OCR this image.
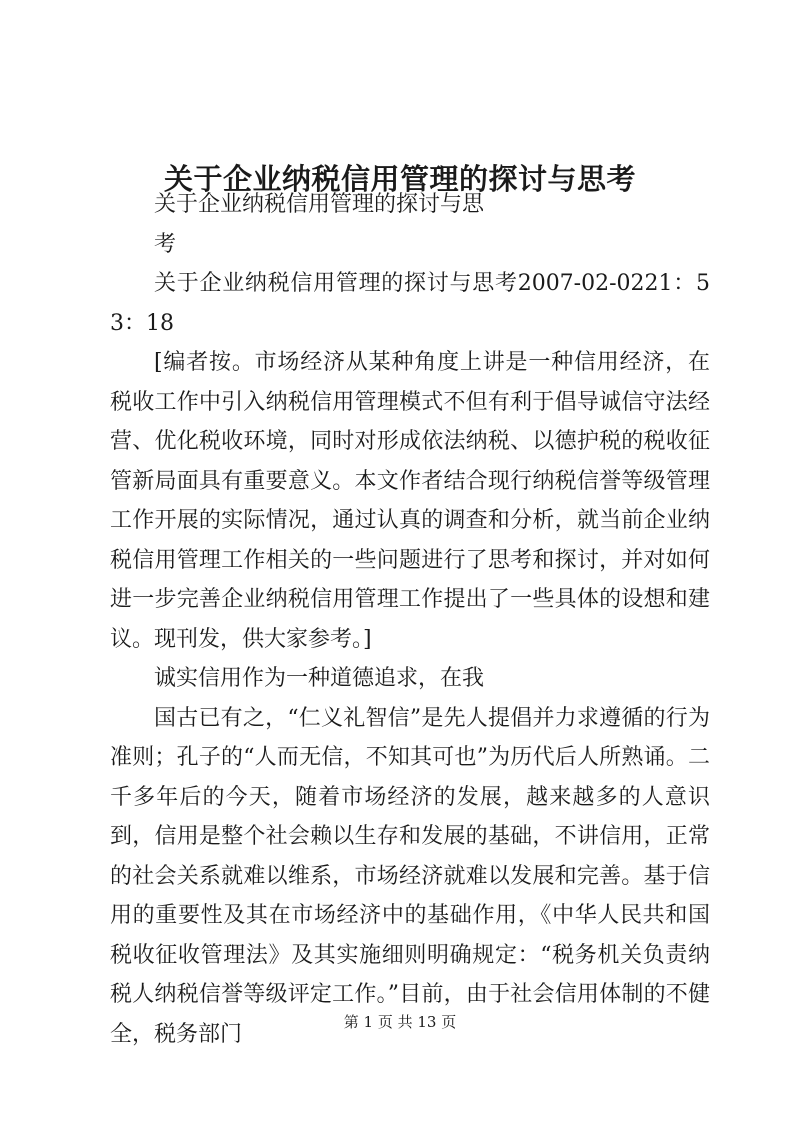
关于企业纳税信用管理的探讨与思考

关于企业纳税信用管理的探讨与思

考

关于企业纳税信用管理的探讨与思考2007-02-0221：53：18

[编者按。市场经济从某种角度上讲是一种信用经济，在税收工作中引入纳税信用管理模式不但有利于倡导诚信守法经营、优化税收环境，同时对形成依法纳税、以德护税的税收征管新局面具有重要意义。本文作者结合现行纳税信誉等级管理工作开展的实际情况，通过认真的调查和分析，就当前企业纳税信用管理工作相关的一些问题进行了思考和探讨，并对如何进一步完善企业纳税信用管理工作提出了一些具体的设想和建议。现刊发，供大家参考。]

诚实信用作为一种道德追求，在我

国古已有之，“仁义礼智信”是先人提倡并力求遵循的行为准则；孔子的“人而无信，不知其可也”为历代后人所熟诵。二千多年后的今天，随着市场经济的发展，越来越多的人意识到，信用是整个社会赖以生存和发展的基础，不讲信用，正常的社会关系就难以维系，市场经济就难以发展和完善。基于信用的重要性及其在市场经济中的基础作用，《中华人民共和国税收征收管理法》及其实施细则明确规定：“税务机关负责纳税人纳税信誉等级评定工作。”目前，由于社会信用体制的不健全，税务部门	第 1 页 共 13 页
